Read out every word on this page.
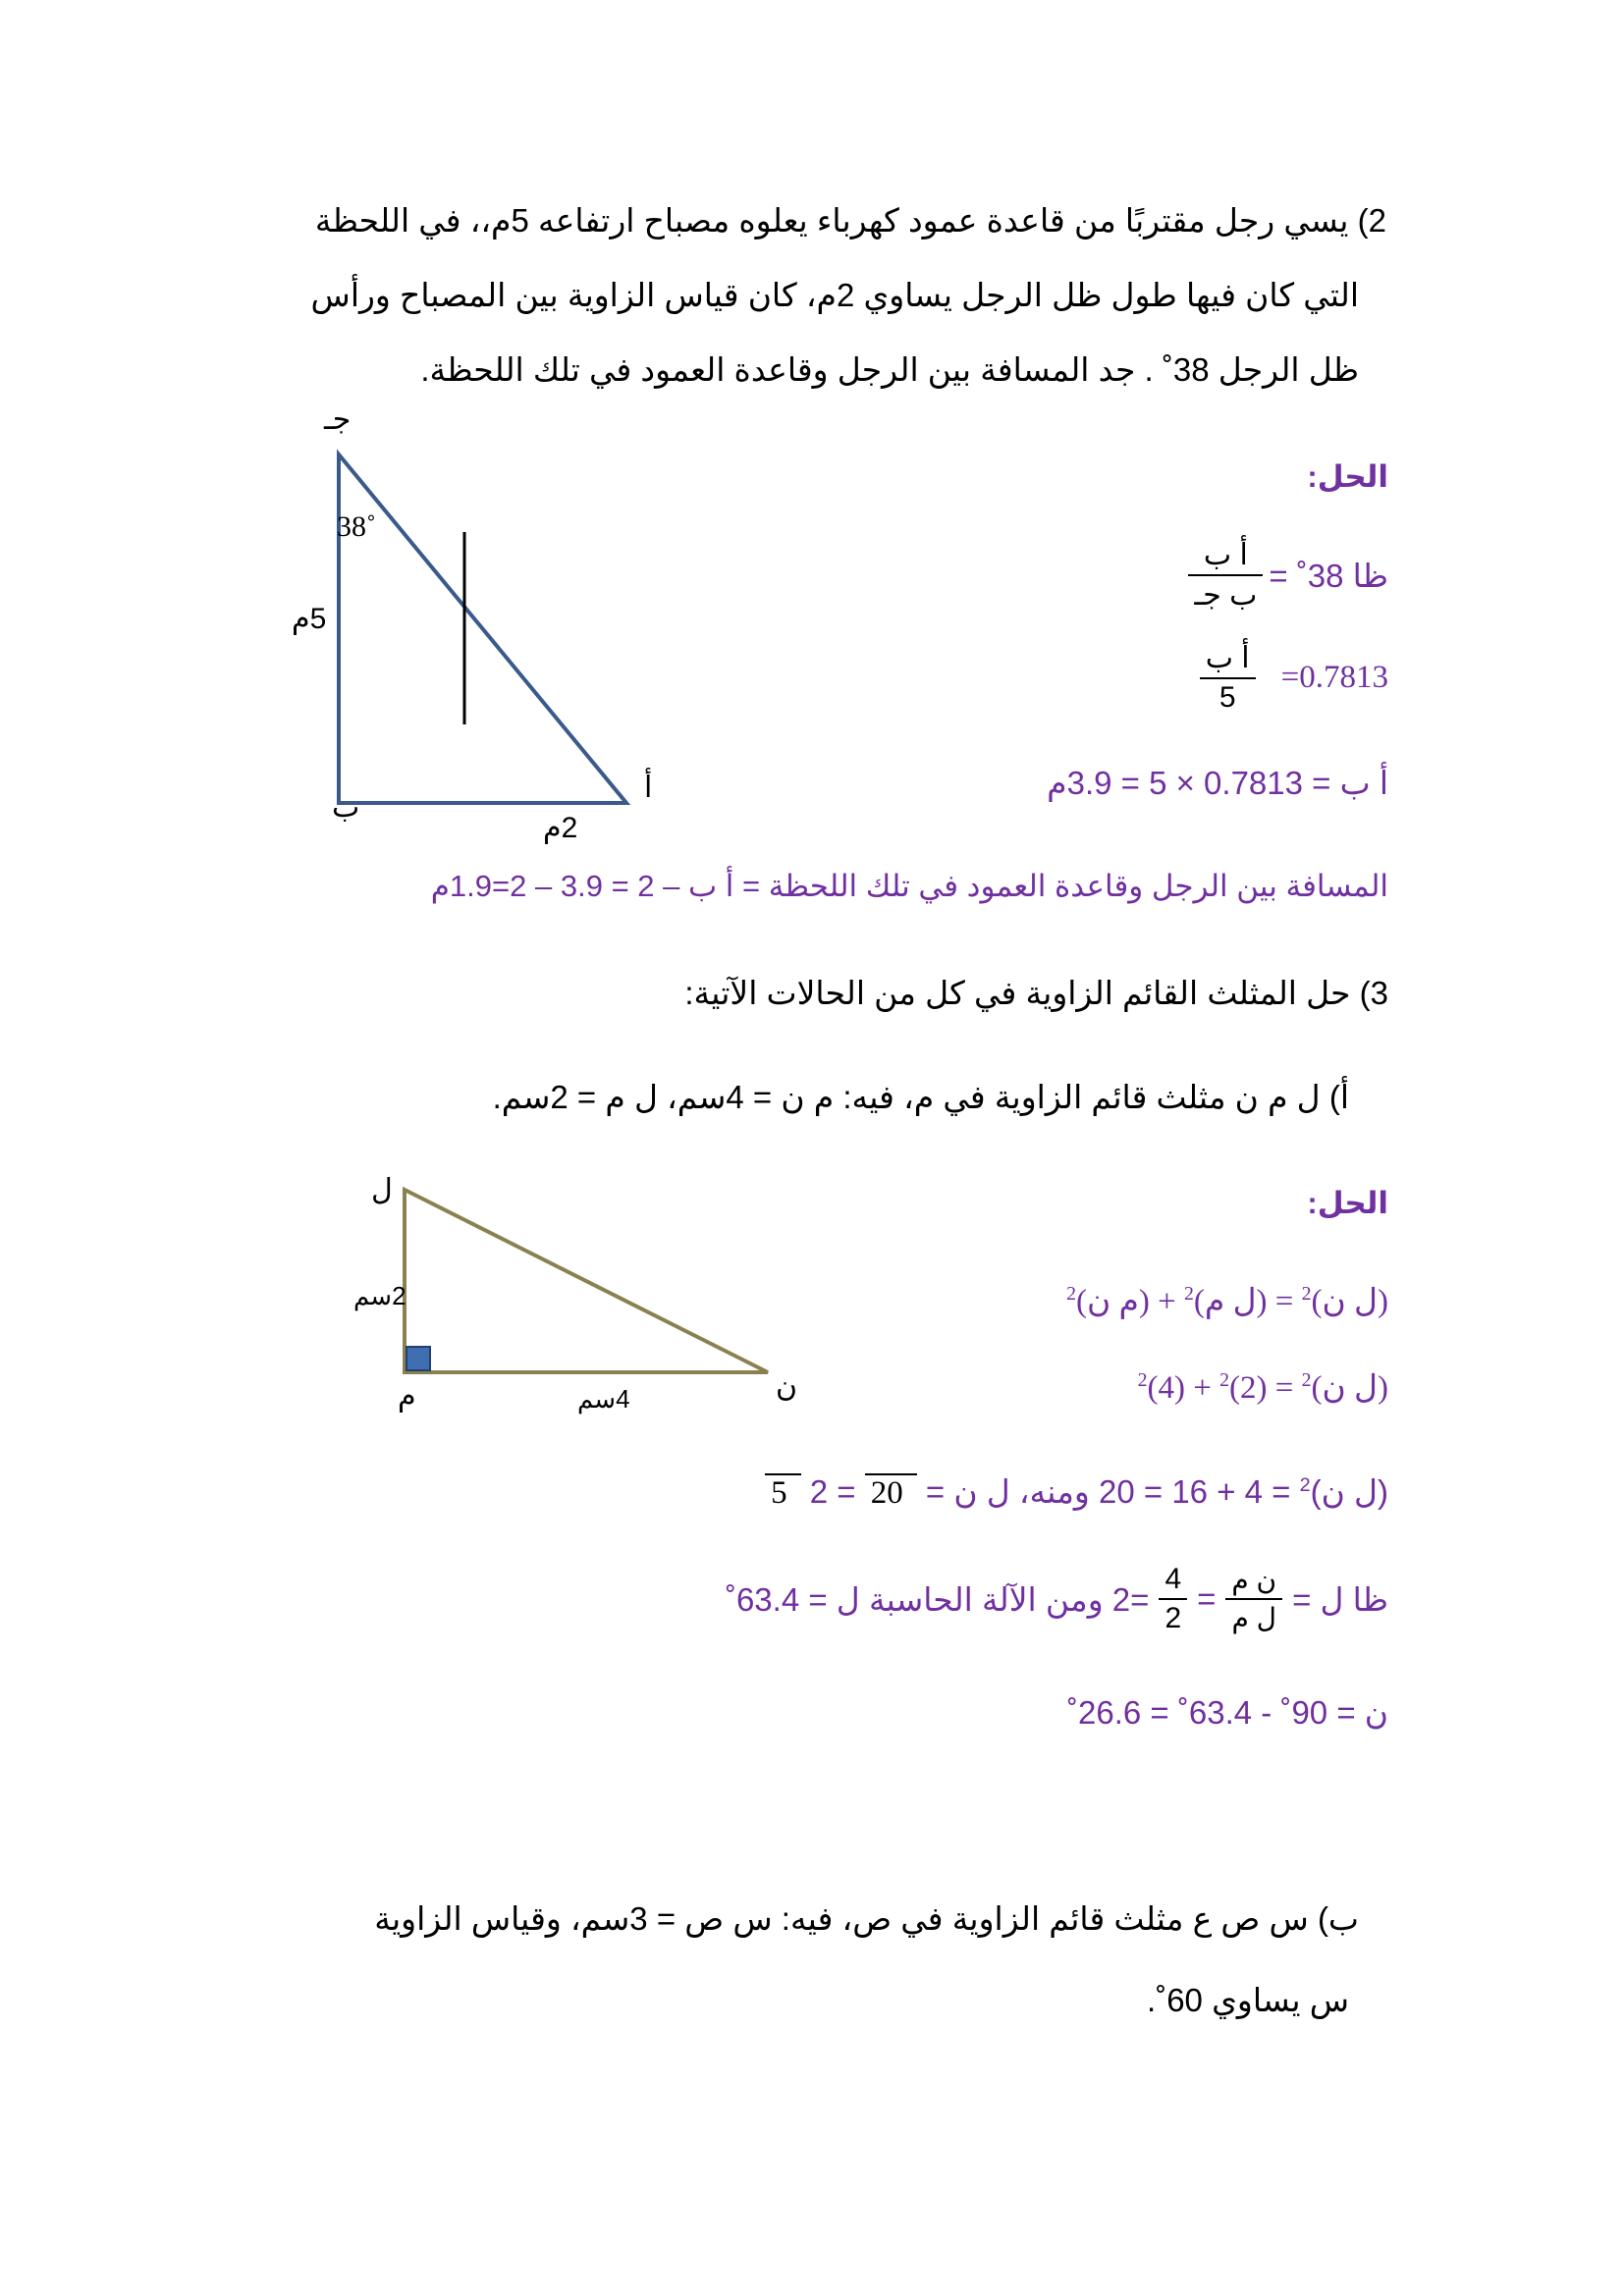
2) يسي رجل مقتربًا من قاعدة عمود كهرباء يعلوه مصباح ارتفاعه 5م،، في اللحظة
التي كان فيها طول ظل الرجل يساوي 2م، كان قياس الزاوية بين المصباح ورأس
ظل الرجل 38˚ . جد المسافة بين الرجل وقاعدة العمود في تلك اللحظة.
جـ
38˚
5م
أ
ب
2م
الحل:
$\frac{\text{أ ب}}{\text{ب جـ}}$ ظا 38˚ =
$\frac{\text{أ ب}}{5} =0.7813$
أ ب = 0.7813 × 5 = 3.9م
المسافة بين الرجل وقاعدة العمود في تلك اللحظة = أ ب – 2 = 3.9 – 2=1.9م
3) حل المثلث القائم الزاوية في كل من الحالات الآتية:
أ) ل م ن مثلث قائم الزاوية في م، فيه: م ن = 4سم، ل م = 2سم.
ل
2سم
م	4سم	ن
الحل:
(ل ن)$^2$ = (ل م)$^2$ + (م ن)$^2$
(ل ن)$^2$ = $(2)^2 + (4)^2$
(ل ن)$^2$ = 4 + 16 = 20 ومنه، ل ن = 20 = 2 5
ظا ل =
$\frac{\text{ن م}}{\text{ل م}}$
=
$\frac{4}{2}$
=2 ومن الآلة الحاسبة ل = 63.4˚
ن = 90˚ - 63.4˚ = 26.6˚
ب) س ص ع مثلث قائم الزاوية في ص، فيه: س ص = 3سم، وقياس الزاوية
س يساوي 60˚.
